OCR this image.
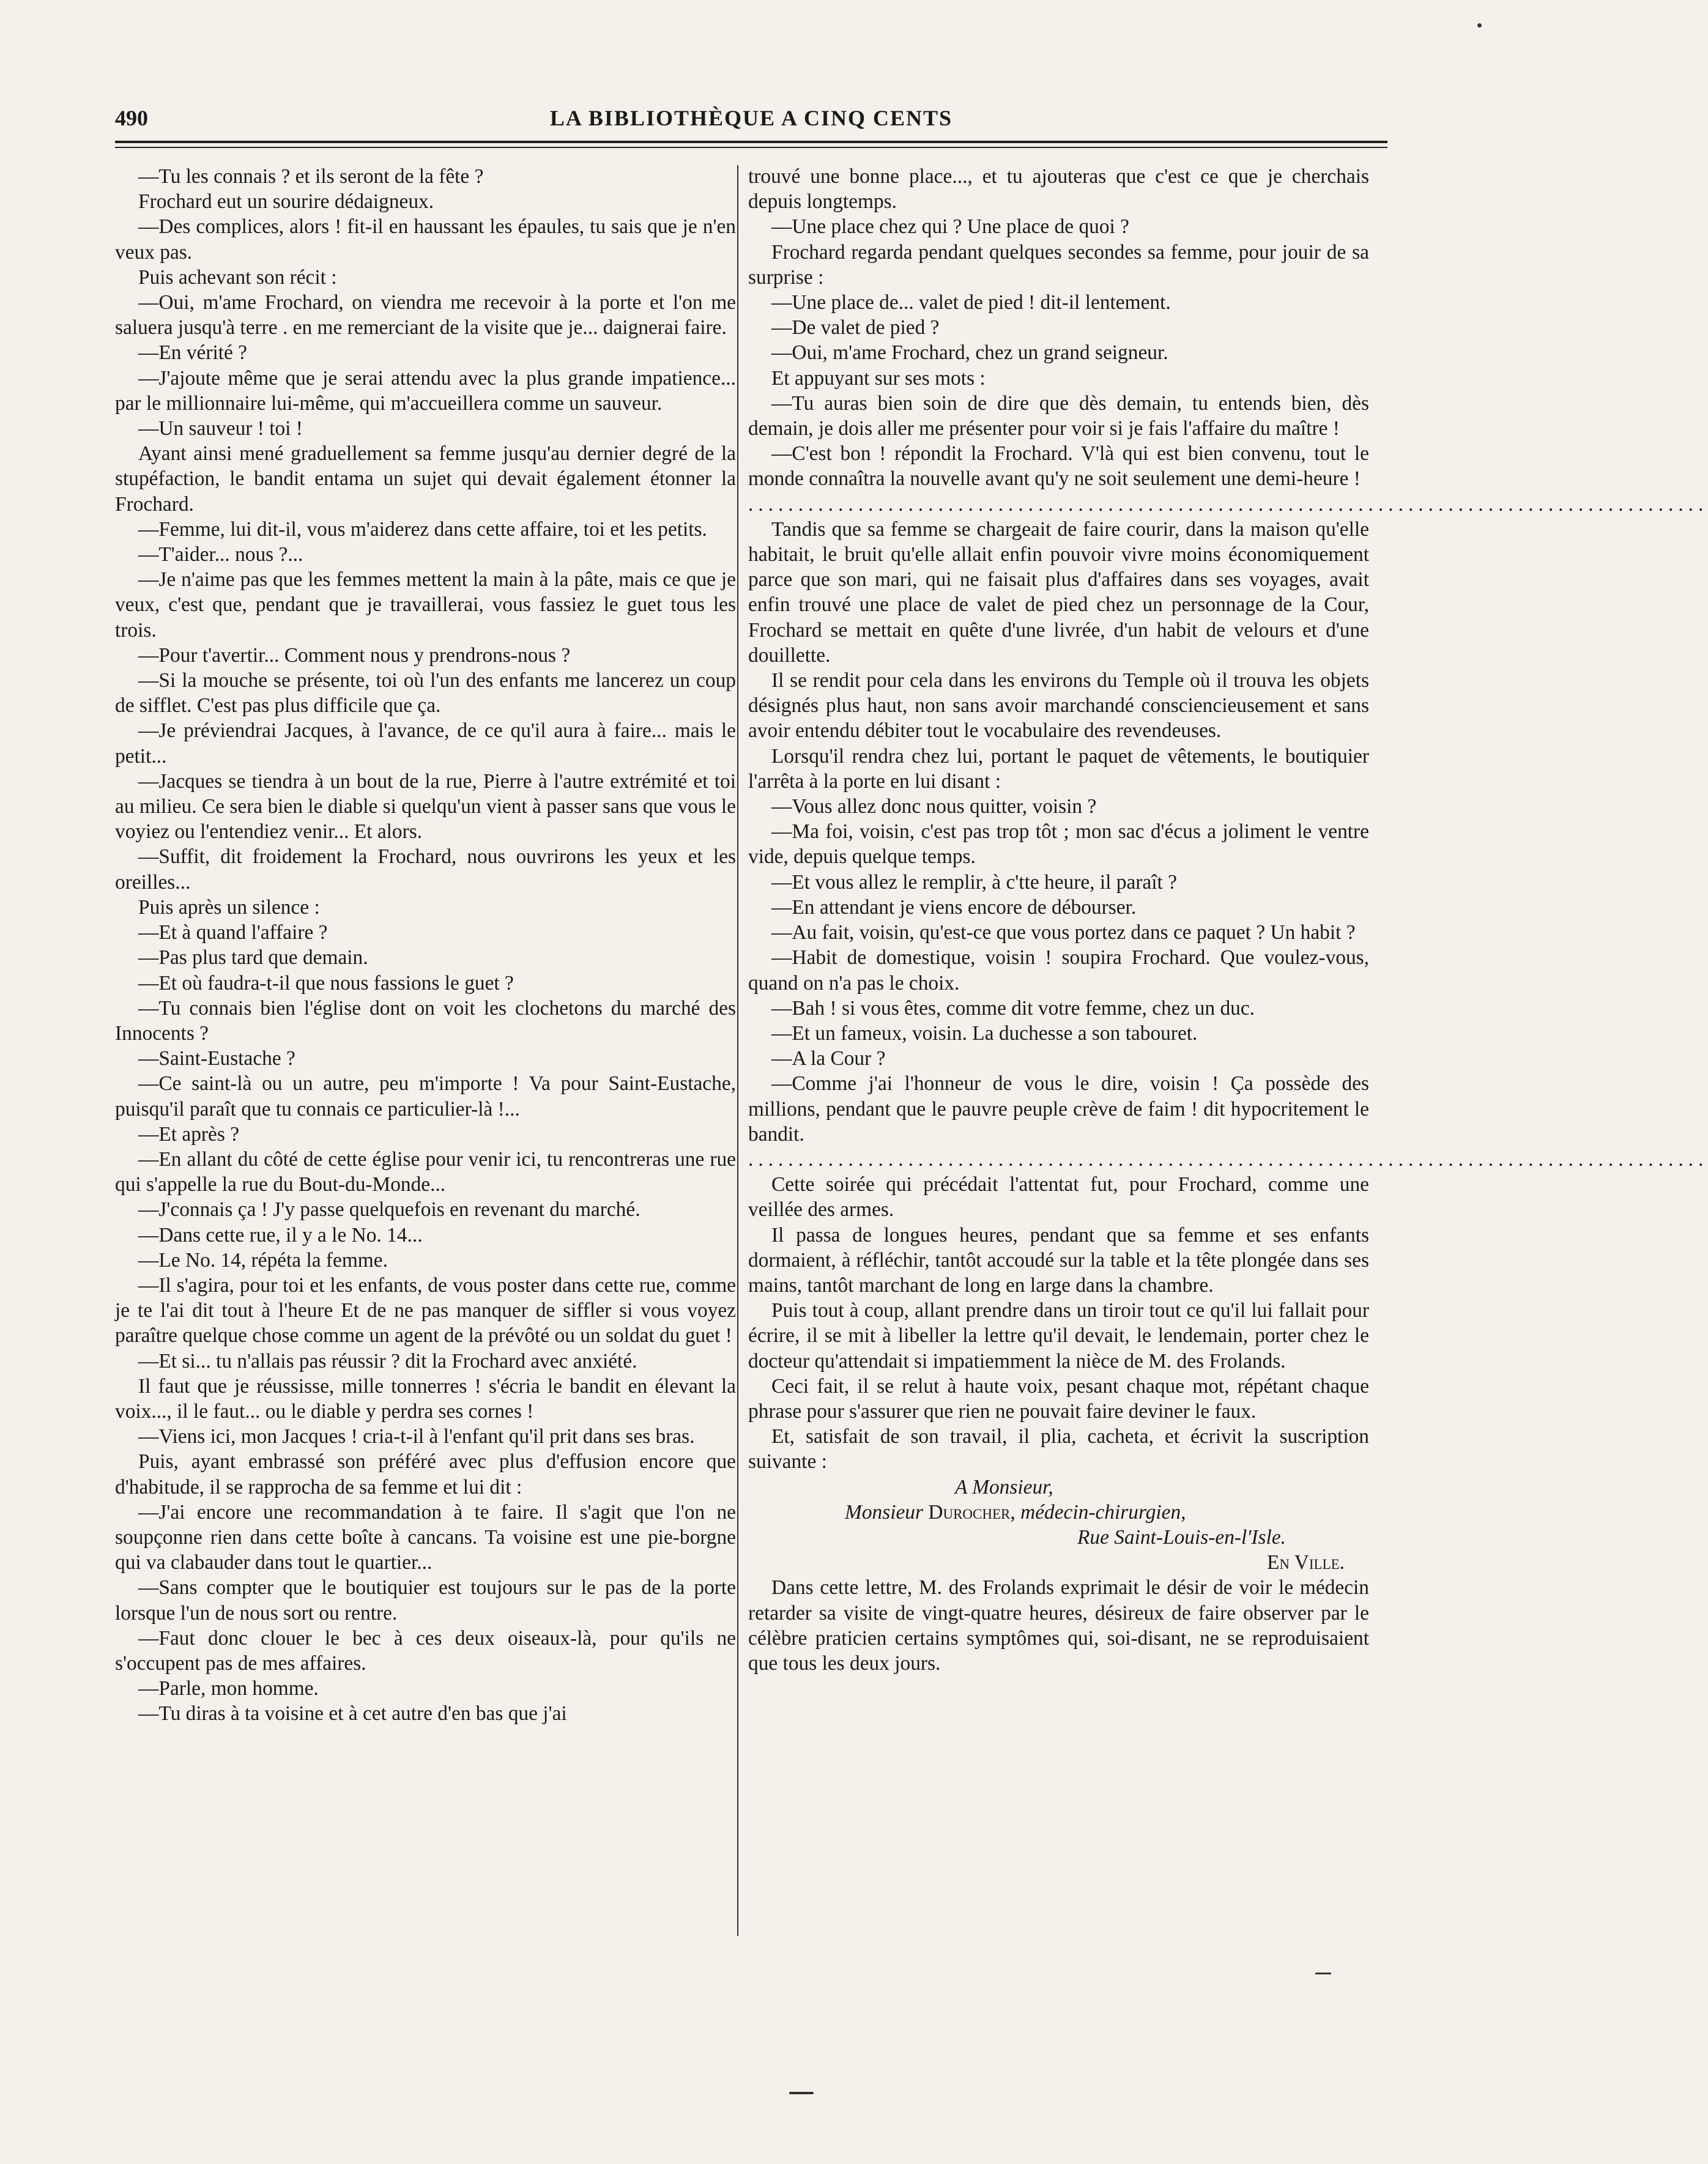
490	LA BIBLIOTHÈQUE A CINQ CENTS

—Tu les connais ? et ils seront de la fête ?

Frochard eut un sourire dédaigneux.

—Des complices, alors ! fit-il en haussant les épaules, tu sais que je n'en veux pas.

Puis achevant son récit :

—Oui, m'ame Frochard, on viendra me recevoir à la porte et l'on me saluera jusqu'à terre . en me remerciant de la visite que je... daignerai faire.

—En vérité ?

—J'ajoute même que je serai attendu avec la plus grande impatience... par le millionnaire lui-même, qui m'accueillera comme un sauveur.

—Un sauveur ! toi !

Ayant ainsi mené graduellement sa femme jusqu'au dernier degré de la stupéfaction, le bandit entama un sujet qui devait également étonner la Frochard.

—Femme, lui dit-il, vous m'aiderez dans cette affaire, toi et les petits.

—T'aider... nous ?...

—Je n'aime pas que les femmes mettent la main à la pâte, mais ce que je veux, c'est que, pendant que je travaillerai, vous fassiez le guet tous les trois.

—Pour t'avertir... Comment nous y prendrons-nous ?

—Si la mouche se présente, toi où l'un des enfants me lancerez un coup de sifflet. C'est pas plus difficile que ça.

—Je préviendrai Jacques, à l'avance, de ce qu'il aura à faire... mais le petit...

—Jacques se tiendra à un bout de la rue, Pierre à l'autre extrémité et toi au milieu. Ce sera bien le diable si quelqu'un vient à passer sans que vous le voyiez ou l'entendiez venir... Et alors.

—Suffit, dit froidement la Frochard, nous ouvrirons les yeux et les oreilles...

Puis après un silence :

—Et à quand l'affaire ?

—Pas plus tard que demain.

—Et où faudra-t-il que nous fassions le guet ?

—Tu connais bien l'église dont on voit les clochetons du marché des Innocents ?

—Saint-Eustache ?

—Ce saint-là ou un autre, peu m'importe ! Va pour Saint-Eustache, puisqu'il paraît que tu connais ce particulier-là !...

—Et après ?

—En allant du côté de cette église pour venir ici, tu rencontreras une rue qui s'appelle la rue du Bout-du-Monde...

—J'connais ça ! J'y passe quelquefois en revenant du marché.

—Dans cette rue, il y a le No. 14...

—Le No. 14, répéta la femme.

—Il s'agira, pour toi et les enfants, de vous poster dans cette rue, comme je te l'ai dit tout à l'heure Et de ne pas manquer de siffler si vous voyez paraître quelque chose comme un agent de la prévôté ou un soldat du guet !

—Et si... tu n'allais pas réussir ? dit la Frochard avec anxiété.

Il faut que je réussisse, mille tonnerres ! s'écria le bandit en élevant la voix..., il le faut... ou le diable y perdra ses cornes !

—Viens ici, mon Jacques ! cria-t-il à l'enfant qu'il prit dans ses bras.

Puis, ayant embrassé son préféré avec plus d'effusion encore que d'habitude, il se rapprocha de sa femme et lui dit :

—J'ai encore une recommandation à te faire. Il s'agit que l'on ne soupçonne rien dans cette boîte à cancans. Ta voisine est une pie-borgne qui va clabauder dans tout le quartier...

—Sans compter que le boutiquier est toujours sur le pas de la porte lorsque l'un de nous sort ou rentre.

—Faut donc clouer le bec à ces deux oiseaux-là, pour qu'ils ne s'occupent pas de mes affaires.

—Parle, mon homme.

—Tu diras à ta voisine et à cet autre d'en bas que j'ai

trouvé une bonne place..., et tu ajouteras que c'est ce que je cherchais depuis longtemps.

—Une place chez qui ? Une place de quoi ?

Frochard regarda pendant quelques secondes sa femme, pour jouir de sa surprise :

—Une place de... valet de pied ! dit-il lentement.

—De valet de pied ?

—Oui, m'ame Frochard, chez un grand seigneur.

Et appuyant sur ses mots :

—Tu auras bien soin de dire que dès demain, tu entends bien, dès demain, je dois aller me présenter pour voir si je fais l'affaire du maître !

—C'est bon ! répondit la Frochard. V'là qui est bien convenu, tout le monde connaîtra la nouvelle avant qu'y ne soit seulement une demi-heure !

................................................................................................

Tandis que sa femme se chargeait de faire courir, dans la maison qu'elle habitait, le bruit qu'elle allait enfin pouvoir vivre moins économiquement parce que son mari, qui ne faisait plus d'affaires dans ses voyages, avait enfin trouvé une place de valet de pied chez un personnage de la Cour, Frochard se mettait en quête d'une livrée, d'un habit de velours et d'une douillette.

Il se rendit pour cela dans les environs du Temple où il trouva les objets désignés plus haut, non sans avoir marchandé consciencieusement et sans avoir entendu débiter tout le vocabulaire des revendeuses.

Lorsqu'il rendra chez lui, portant le paquet de vêtements, le boutiquier l'arrêta à la porte en lui disant :

—Vous allez donc nous quitter, voisin ?

—Ma foi, voisin, c'est pas trop tôt ; mon sac d'écus a joliment le ventre vide, depuis quelque temps.

—Et vous allez le remplir, à c'tte heure, il paraît ?

—En attendant je viens encore de débourser.

—Au fait, voisin, qu'est-ce que vous portez dans ce paquet ? Un habit ?

—Habit de domestique, voisin ! soupira Frochard. Que voulez-vous, quand on n'a pas le choix.

—Bah ! si vous êtes, comme dit votre femme, chez un duc.

—Et un fameux, voisin. La duchesse a son tabouret.

—A la Cour ?

—Comme j'ai l'honneur de vous le dire, voisin ! Ça possède des millions, pendant que le pauvre peuple crève de faim ! dit hypocritement le bandit.

................................................................................................

Cette soirée qui précédait l'attentat fut, pour Frochard, comme une veillée des armes.

Il passa de longues heures, pendant que sa femme et ses enfants dormaient, à réfléchir, tantôt accoudé sur la table et la tête plongée dans ses mains, tantôt marchant de long en large dans la chambre.

Puis tout à coup, allant prendre dans un tiroir tout ce qu'il lui fallait pour écrire, il se mit à libeller la lettre qu'il devait, le lendemain, porter chez le docteur qu'attendait si impatiemment la nièce de M. des Frolands.

Ceci fait, il se relut à haute voix, pesant chaque mot, répétant chaque phrase pour s'assurer que rien ne pouvait faire deviner le faux.

Et, satisfait de son travail, il plia, cacheta, et écrivit la suscription suivante :

A Monsieur,

Monsieur Durocher, médecin-chirurgien,

Rue Saint-Louis-en-l'Isle.

En Ville.

Dans cette lettre, M. des Frolands exprimait le désir de voir le médecin retarder sa visite de vingt-quatre heures, désireux de faire observer par le célèbre praticien certains symptômes qui, soi-disant, ne se reproduisaient que tous les deux jours.
